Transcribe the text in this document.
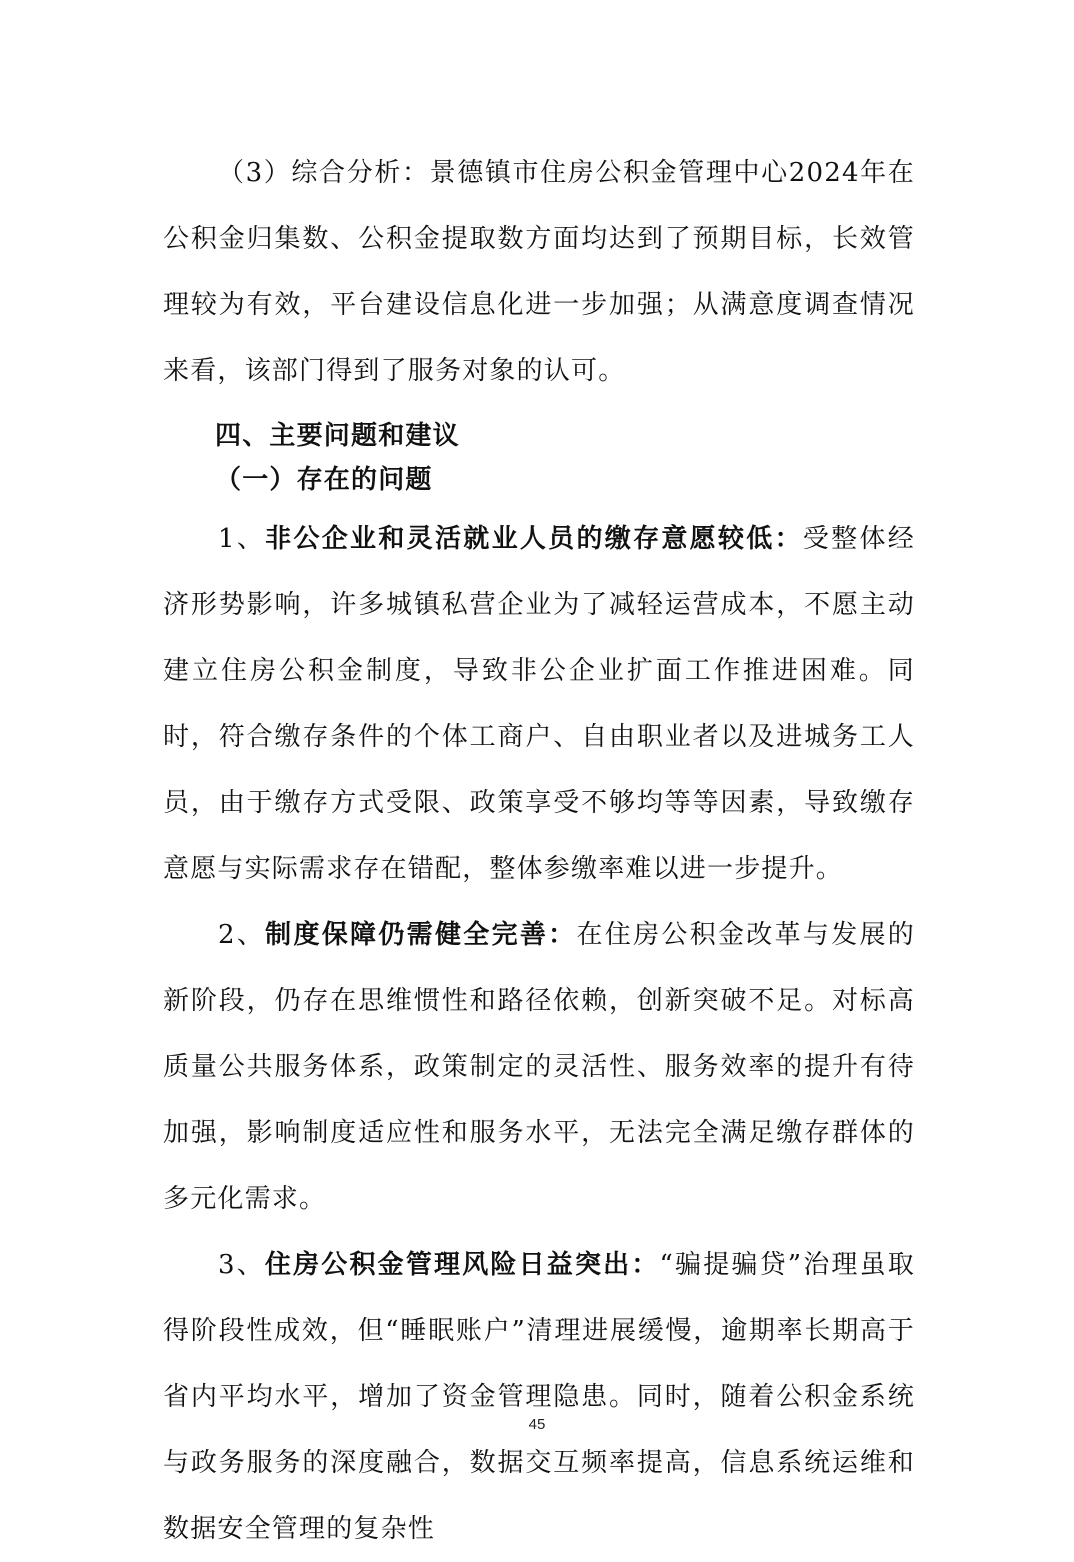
（3）综合分析：景德镇市住房公积金管理中心2024年在公积金归集数、公积金提取数方面均达到了预期目标，长效管理较为有效，平台建设信息化进一步加强；从满意度调查情况来看，该部门得到了服务对象的认可。

四、主要问题和建议

（一）存在的问题

1、非公企业和灵活就业人员的缴存意愿较低：受整体经济形势影响，许多城镇私营企业为了减轻运营成本，不愿主动建立住房公积金制度，导致非公企业扩面工作推进困难。同时，符合缴存条件的个体工商户、自由职业者以及进城务工人员，由于缴存方式受限、政策享受不够均等等因素，导致缴存意愿与实际需求存在错配，整体参缴率难以进一步提升。

2、制度保障仍需健全完善：在住房公积金改革与发展的新阶段，仍存在思维惯性和路径依赖，创新突破不足。对标高质量公共服务体系，政策制定的灵活性、服务效率的提升有待加强，影响制度适应性和服务水平，无法完全满足缴存群体的多元化需求。

3、住房公积金管理风险日益突出：“骗提骗贷”治理虽取得阶段性成效，但“睡眠账户”清理进展缓慢，逾期率长期高于省内平均水平，增加了资金管理隐患。同时，随着公积金系统与政务服务的深度融合，数据交互频率提高，信息系统运维和数据安全管理的复杂性

45
